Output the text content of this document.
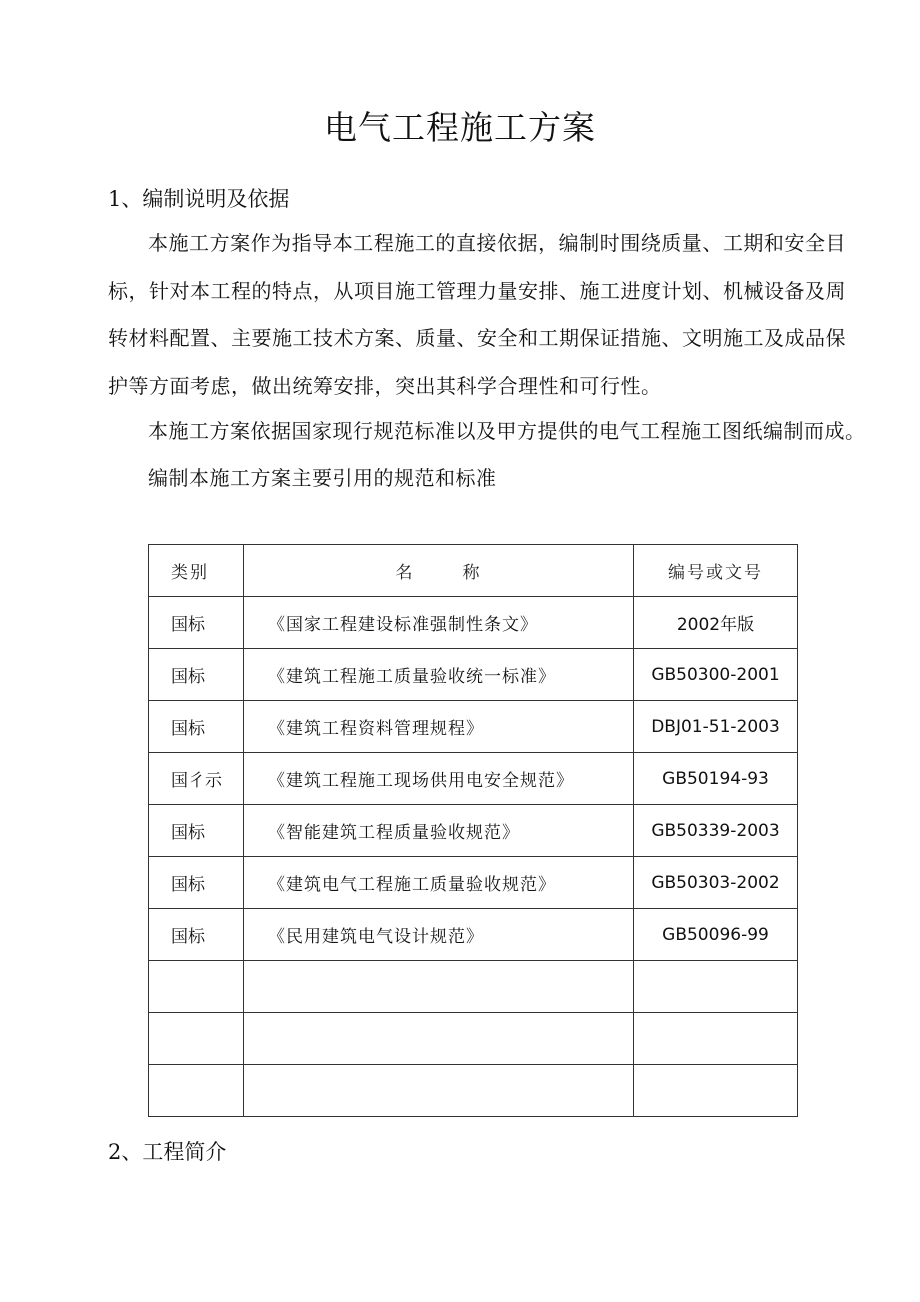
电气工程施工方案
1、编制说明及依据

本施工方案作为指导本工程施工的直接依据，编制时围绕质量、工期和安全目标，针对本工程的特点，从项目施工管理力量安排、施工进度计划、机械设备及周转材料配置、主要施工技术方案、质量、安全和工期保证措施、文明施工及成品保护等方面考虑，做出统筹安排，突出其科学合理性和可行性。

本施工方案依据国家现行规范标准以及甲方提供的电气工程施工图纸编制而成。
编制本施工方案主要引用的规范和标准
类别	名 称	编号或文号
国标	《国家工程建设标准强制性条文》	2002年版
国标	《建筑工程施工质量验收统一标准》	GB50300-2001
国标	《建筑工程资料管理规程》	DBJ01-51-2003
国彳示	《建筑工程施工现场供用电安全规范》	GB50194-93
国标	《智能建筑工程质量验收规范》	GB50339-2003
国标	《建筑电气工程施工质量验收规范》	GB50303-2002
国标	《民用建筑电气设计规范》	GB50096-99

2、工程简介
